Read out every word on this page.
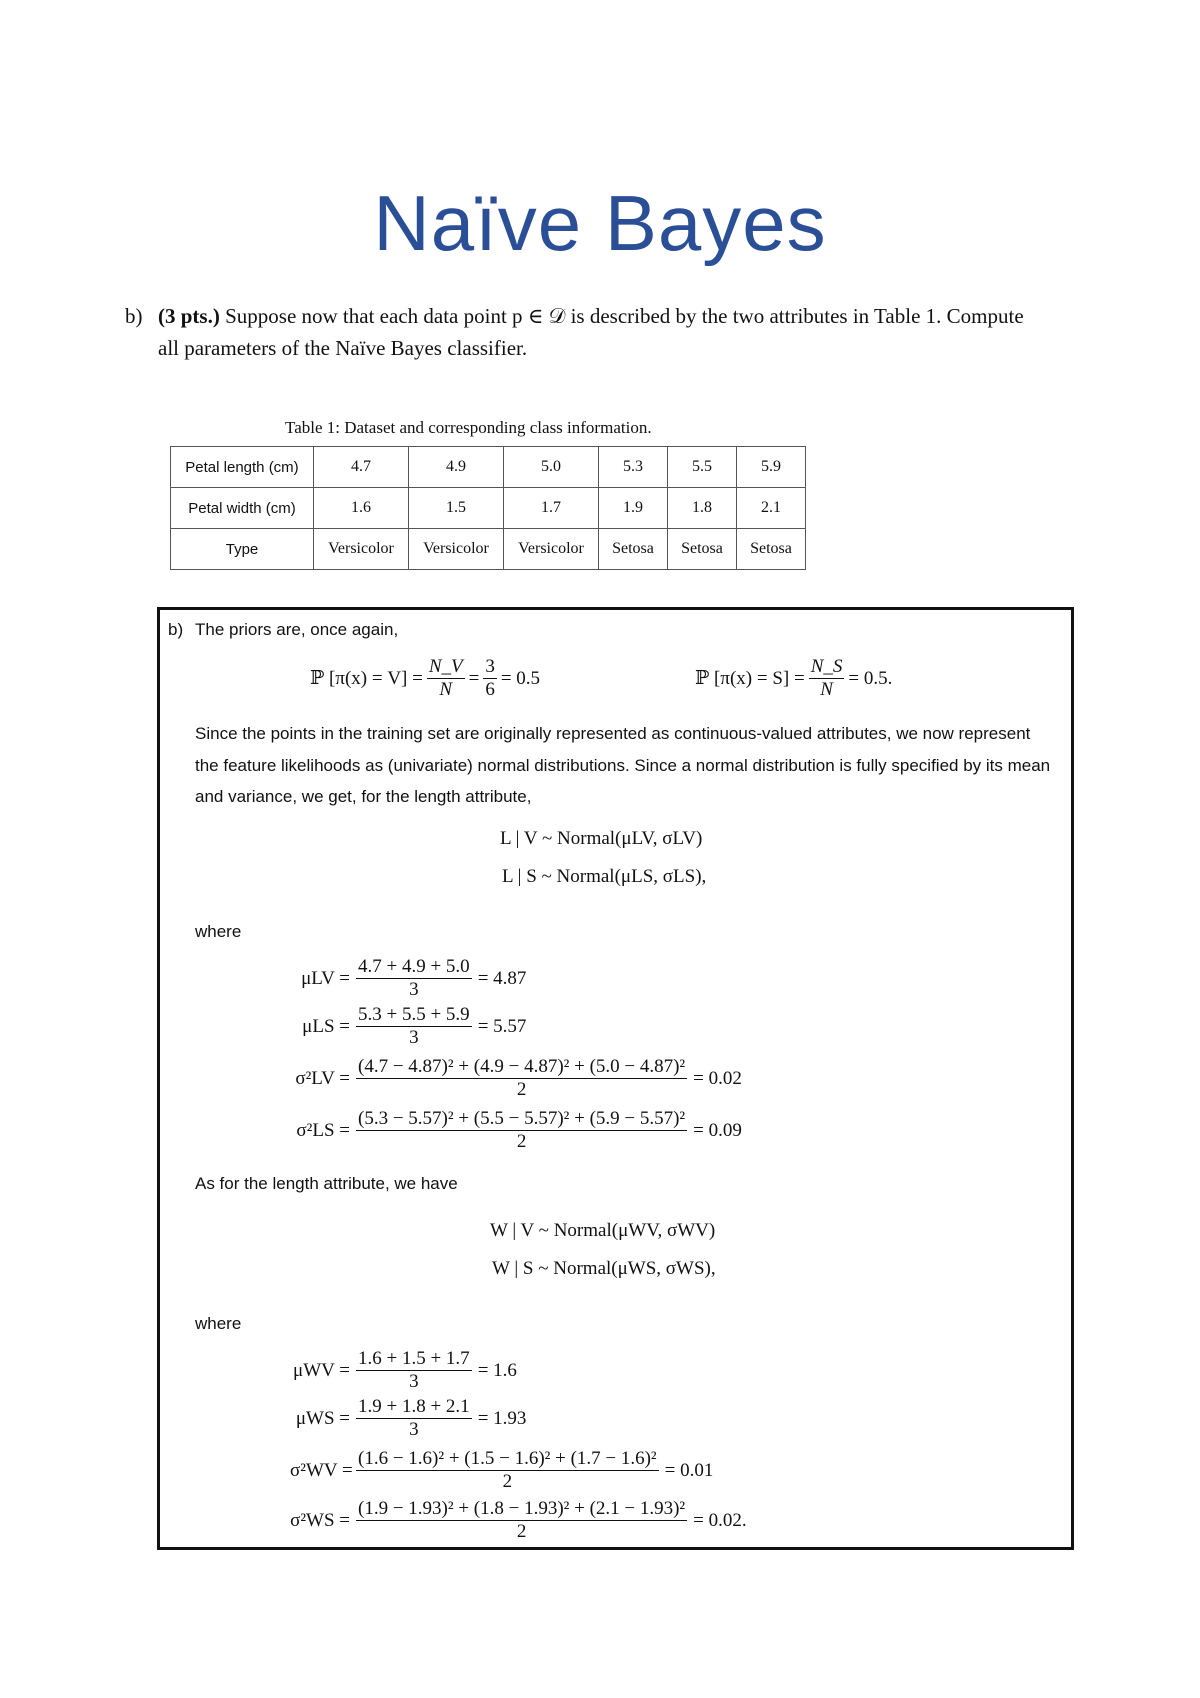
Naïve Bayes
b) (3 pts.) Suppose now that each data point p ∈ 𝒟 is described by the two attributes in Table 1. Compute all parameters of the Naïve Bayes classifier.
Table 1: Dataset and corresponding class information.
Petal length (cm)	4.7	4.9	5.0	5.3	5.5	5.9
Petal width (cm)	1.6	1.5	1.7	1.9	1.8	2.1
Type	Versicolor	Versicolor	Versicolor	Setosa	Setosa	Setosa
b) The priors are, once again,
ℙ $[\pi(x) = V] = \frac{N\_V}{N} = \frac{3}{6} = 0.5$	ℙ $[\pi(x) = S] = \frac{N\_S}{N} = 0.5$.
Since the points in the training set are originally represented as continuous-valued attributes, we now represent the feature likelihoods as (univariate) normal distributions. Since a normal distribution is fully specified by its mean and variance, we get, for the length attribute,
L | V ~ Normal(μLV, σLV)
L | S ~ Normal(μLS, σLS),
where
$\mu LV = \frac{4.7 + 4.9 + 5.0}{3} = 4.87$
$\mu LS = \frac{5.3 + 5.5 + 5.9}{3} = 5.57$
$\sigma^2LV = \frac{\text{(4.7 − 4.87)² + (4.9 − 4.87)² + (5.0 − 4.87)²}}{2} = 0.02$
$\sigma^2LS = \frac{\text{(5.3 − 5.57)² + (5.5 − 5.57)² + (5.9 − 5.57)²}}{2} = 0.09$
As for the length attribute, we have
W | V ~ Normal(μWV, σWV)
W | S ~ Normal(μWS, σWS),
where
$\mu WV = \frac{1.6 + 1.5 + 1.7}{3} = 1.6$
$\mu WS = \frac{1.9 + 1.8 + 2.1}{3} = 1.93$
$\sigma^2WV = \frac{\text{(1.6 − 1.6)² + (1.5 − 1.6)² + (1.7 − 1.6)²}}{2} = 0.01$
$\sigma^2WS = \frac{\text{(1.9 − 1.93)² + (1.8 − 1.93)² + (2.1 − 1.93)²}}{2} = 0.02$.
